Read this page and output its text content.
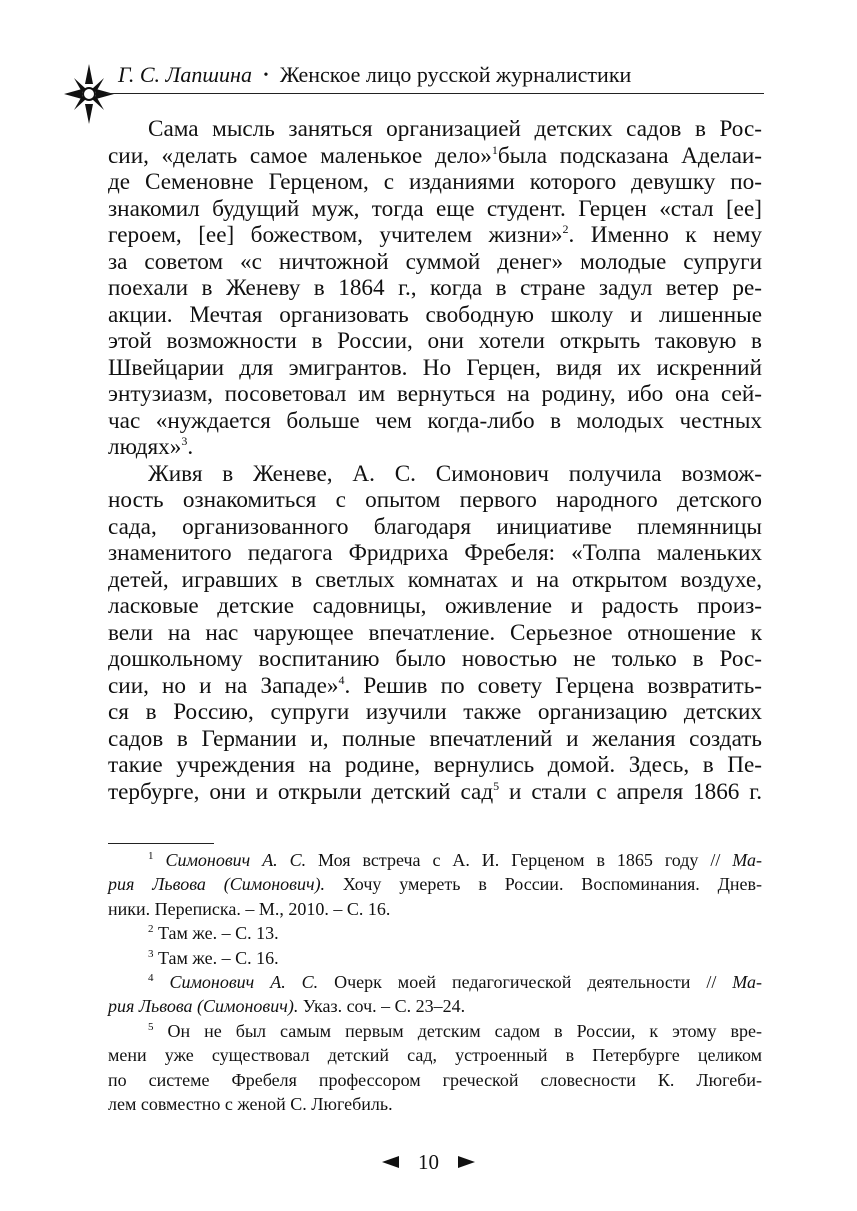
Г. С. Лапшина • Женское лицо русской журналистики
Сама мысль заняться организацией детских садов в Рос-
сии, «делать самое маленькое дело»$^1$была подсказана Аделаи-
де Семеновне Герценом, с изданиями которого девушку по-
знакомил будущий муж, тогда еще студент. Герцен «стал [ее]
героем, [ее] божеством, учителем жизни»$^2$. Именно к нему
за советом «с ничтожной суммой денег» молодые супруги
поехали в Женеву в 1864 г., когда в стране задул ветер ре-
акции. Мечтая организовать свободную школу и лишенные
этой возможности в России, они хотели открыть таковую в
Швейцарии для эмигрантов. Но Герцен, видя их искренний
энтузиазм, посоветовал им вернуться на родину, ибо она сей-
час «нуждается больше чем когда-либо в молодых честных
людях»$^3$.
Живя в Женеве, А. С. Симонович получила возмож-
ность ознакомиться с опытом первого народного детского
сада, организованного благодаря инициативе племянницы
знаменитого педагога Фридриха Фребеля: «Толпа маленьких
детей, игравших в светлых комнатах и на открытом воздухе,
ласковые детские садовницы, оживление и радость произ-
вели на нас чарующее впечатление. Серьезное отношение к
дошкольному воспитанию было новостью не только в Рос-
сии, но и на Западе»$^4$. Решив по совету Герцена возвратить-
ся в Россию, супруги изучили также организацию детских
садов в Германии и, полные впечатлений и желания создать
такие учреждения на родине, вернулись домой. Здесь, в Пе-
тербурге, они и открыли детский сад$^5$ и стали с апреля 1866 г.
$^1$ Симонович А. С. Моя встреча с А. И. Герценом в 1865 году // Ма-
рия Львова (Симонович). Хочу умереть в России. Воспоминания. Днев-
ники. Переписка. – М., 2010. – С. 16.
$^2$ Там же. – С. 13.
$^3$ Там же. – С. 16.
$^4$ Симонович А. С. Очерк моей педагогической деятельности // Ма-
рия Львова (Симонович). Указ. соч. – С. 23–24.
$^5$ Он не был самым первым детским садом в России, к этому вре-
мени уже существовал детский сад, устроенный в Петербурге целиком
по системе Фребеля профессором греческой словесности К. Люгеби-
лем совместно с женой С. Люгебиль.
10
